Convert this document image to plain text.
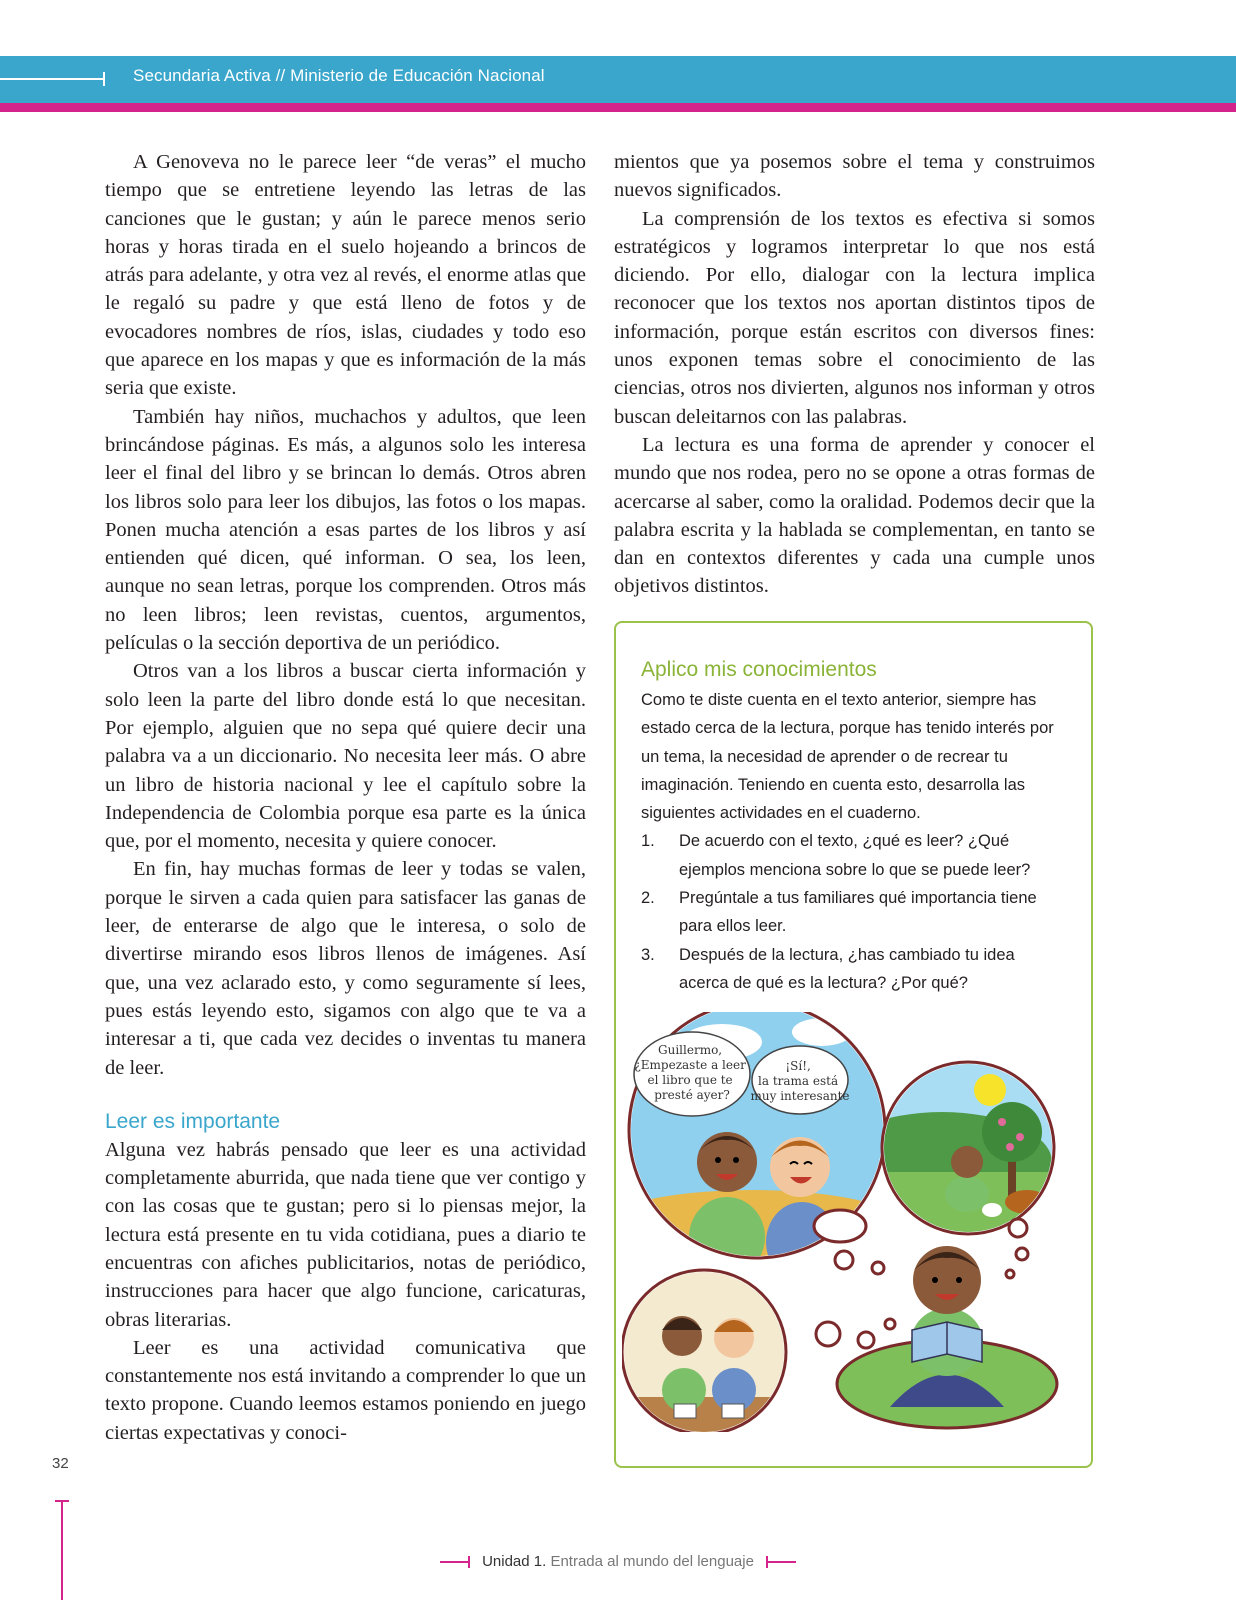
Secundaria Activa // Ministerio de Educación Nacional

A Genoveva no le parece leer “de veras” el mucho tiempo que se entretiene leyendo las letras de las canciones que le gustan; y aún le parece menos serio horas y horas tirada en el suelo hojeando a brincos de atrás para adelante, y otra vez al revés, el enorme atlas que le regaló su padre y que está lleno de fotos y de evocadores nombres de ríos, islas, ciudades y todo eso que aparece en los mapas y que es información de la más seria que existe.

También hay niños, muchachos y adultos, que leen brincándose páginas. Es más, a algunos solo les interesa leer el final del libro y se brincan lo demás. Otros abren los libros solo para leer los dibujos, las fotos o los mapas. Ponen mucha atención a esas partes de los libros y así entienden qué dicen, qué informan. O sea, los leen, aunque no sean letras, porque los comprenden. Otros más no leen libros; leen revistas, cuentos, argumentos, películas o la sección deportiva de un periódico.

Otros van a los libros a buscar cierta información y solo leen la parte del libro donde está lo que necesitan. Por ejemplo, alguien que no sepa qué quiere decir una palabra va a un diccionario. No necesita leer más. O abre un libro de historia nacional y lee el capítulo sobre la Independencia de Colombia porque esa parte es la única que, por el momento, necesita y quiere conocer.

En fin, hay muchas formas de leer y todas se valen, porque le sirven a cada quien para satisfacer las ganas de leer, de enterarse de algo que le interesa, o solo de divertirse mirando esos libros llenos de imágenes. Así que, una vez aclarado esto, y como seguramente sí lees, pues estás leyendo esto, sigamos con algo que te va a interesar a ti, que cada vez decides o inventas tu manera de leer.

Leer es importante

Alguna vez habrás pensado que leer es una actividad completamente aburrida, que nada tiene que ver contigo y con las cosas que te gustan; pero si lo piensas mejor, la lectura está presente en tu vida cotidiana, pues a diario te encuentras con afiches publicitarios, notas de periódico, instrucciones para hacer que algo funcione, caricaturas, obras literarias.

Leer es una actividad comunicativa que constantemente nos está invitando a comprender lo que un texto propone. Cuando leemos estamos poniendo en juego ciertas expectativas y conoci-

mientos que ya posemos sobre el tema y construimos nuevos significados.

La comprensión de los textos es efectiva si somos estratégicos y logramos interpretar lo que nos está diciendo. Por ello, dialogar con la lectura implica reconocer que los textos nos aportan distintos tipos de información, porque están escritos con diversos fines: unos exponen temas sobre el conocimiento de las ciencias, otros nos divierten, algunos nos informan y otros buscan deleitarnos con las palabras.

La lectura es una forma de aprender y conocer el mundo que nos rodea, pero no se opone a otras formas de acercarse al saber, como la oralidad. Podemos decir que la palabra escrita y la hablada se complementan, en tanto se dan en contextos diferentes y cada una cumple unos objetivos distintos.

Aplico mis conocimientos

Como te diste cuenta en el texto anterior, siempre has estado cerca de la lectura, porque has tenido interés por un tema, la necesidad de aprender o de recrear tu imaginación. Teniendo en cuenta esto, desarrolla las siguientes actividades en el cuaderno.

1. De acuerdo con el texto, ¿qué es leer? ¿Qué ejemplos menciona sobre lo que se puede leer?
2. Pregúntale a tus familiares qué importancia tiene para ellos leer.
3. Después de la lectura, ¿has cambiado tu idea acerca de qué es la lectura? ¿Por qué?
Guillermo, ¿Empezaste a leer el libro que te presté ayer?
¡Sí!, la trama está muy interesante
32
Unidad 1. Entrada al mundo del lenguaje
